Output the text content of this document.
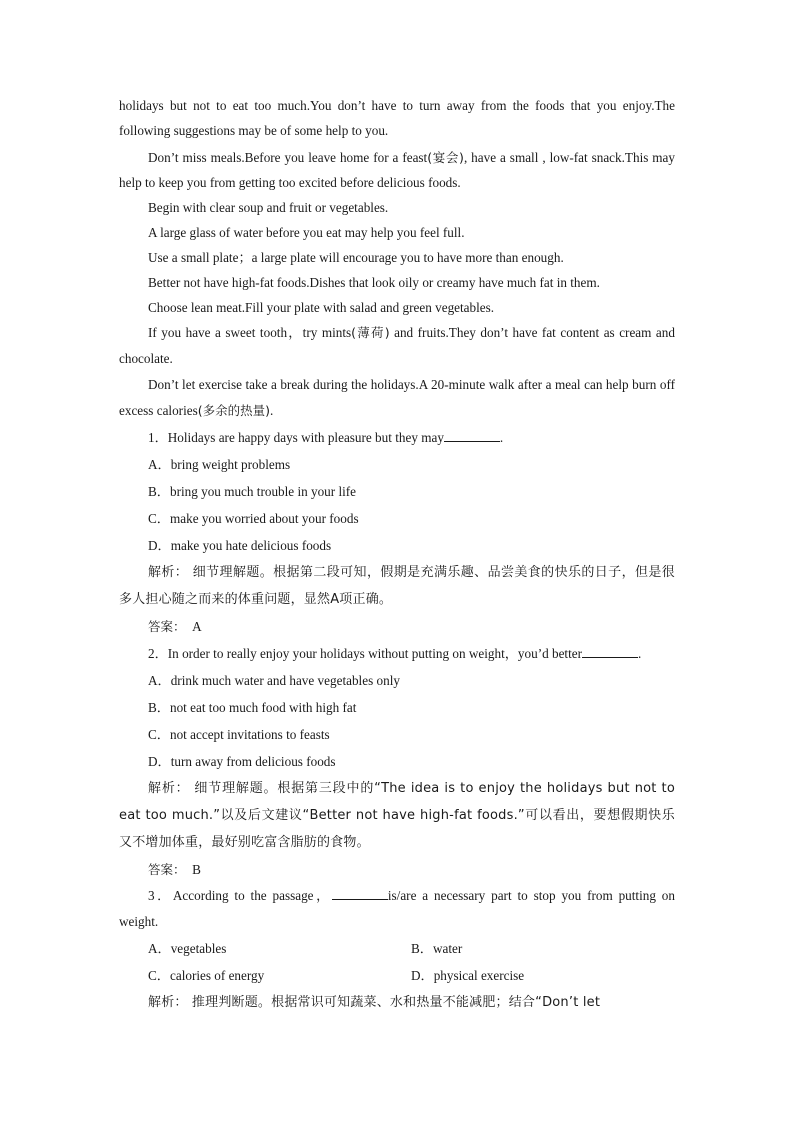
holidays but not to eat too much.You don’t have to turn away from the foods that you enjoy.The following suggestions may be of some help to you.

Don’t miss meals.Before you leave home for a feast(宴会), have a small , low-fat snack.This may help to keep you from getting too excited before delicious foods.

Begin with clear soup and fruit or vegetables.

A large glass of water before you eat may help you feel full.

Use a small plate；a large plate will encourage you to have more than enough.

Better not have high-fat foods.Dishes that look oily or creamy have much fat in them.

Choose lean meat.Fill your plate with salad and green vegetables.

If you have a sweet tooth，try mints(薄荷) and fruits.They don’t have fat content as cream and chocolate.

Don’t let exercise take a break during the holidays.A 20-minute walk after a meal can help burn off excess calories(多余的热量).

1．Holidays are happy days with pleasure but they may	.

A．bring weight problems

B．bring you much trouble in your life

C．make you worried about your foods

D．make you hate delicious foods

解析： 细节理解题。根据第二段可知，假期是充满乐趣、品尝美食的快乐的日子，但是很多人担心随之而来的体重问题，显然A项正确。

答案： A

2．In order to really enjoy your holidays without putting on weight，you’d better	.

A．drink much water and have vegetables only

B．not eat too much food with high fat

C．not accept invitations to feasts

D．turn away from delicious foods

解析： 细节理解题。根据第三段中的“The idea is to enjoy the holidays but not to eat too much.”以及后文建议“Better not have high-fat foods.”可以看出，要想假期快乐又不增加体重，最好别吃富含脂肪的食物。

答案： B

3．According to the passage，	is/are a necessary part to stop you from putting on weight.

A．vegetables	B．water
C．calories of energy	D．physical exercise

解析： 推理判断题。根据常识可知蔬菜、水和热量不能减肥；结合“Don’t let
